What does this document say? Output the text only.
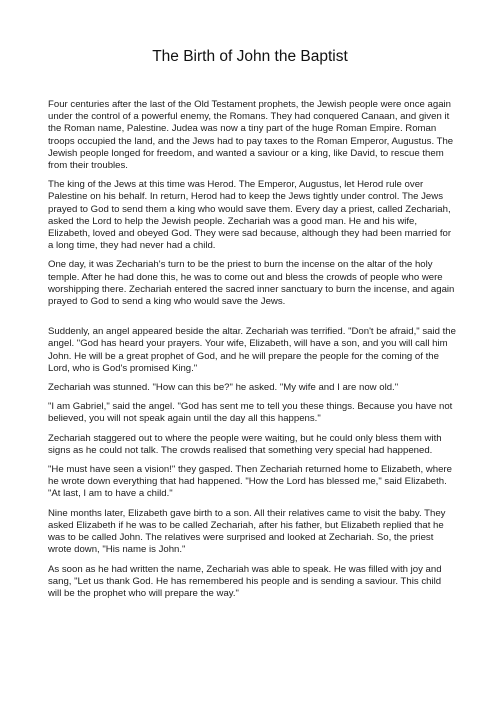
The Birth of John the Baptist

Four centuries after the last of the Old Testament prophets, the Jewish people were once again under the control of a powerful enemy, the Romans. They had conquered Canaan, and given it the Roman name, Palestine. Judea was now a tiny part of the huge Roman Empire. Roman troops occupied the land, and the Jews had to pay taxes to the Roman Emperor, Augustus. The Jewish people longed for freedom, and wanted a saviour or a king, like David, to rescue them from their troubles.

The king of the Jews at this time was Herod. The Emperor, Augustus, let Herod rule over Palestine on his behalf. In return, Herod had to keep the Jews tightly under control. The Jews prayed to God to send them a king who would save them. Every day a priest, called Zechariah, asked the Lord to help the Jewish people. Zechariah was a good man. He and his wife, Elizabeth, loved and obeyed God. They were sad because, although they had been married for a long time, they had never had a child.

One day, it was Zechariah's turn to be the priest to burn the incense on the altar of the holy temple. After he had done this, he was to come out and bless the crowds of people who were worshipping there. Zechariah entered the sacred inner sanctuary to burn the incense, and again prayed to God to send a king who would save the Jews.

Suddenly, an angel appeared beside the altar. Zechariah was terrified. "Don't be afraid," said the angel. "God has heard your prayers. Your wife, Elizabeth, will have a son, and you will call him John. He will be a great prophet of God, and he will prepare the people for the coming of the Lord, who is God's promised King."

Zechariah was stunned. "How can this be?" he asked. "My wife and I are now old."

"I am Gabriel," said the angel. "God has sent me to tell you these things. Because you have not believed, you will not speak again until the day all this happens."

Zechariah staggered out to where the people were waiting, but he could only bless them with signs as he could not talk. The crowds realised that something very special had happened.

"He must have seen a vision!" they gasped. Then Zechariah returned home to Elizabeth, where he wrote down everything that had happened. "How the Lord has blessed me," said Elizabeth. "At last, I am to have a child."

Nine months later, Elizabeth gave birth to a son. All their relatives came to visit the baby. They asked Elizabeth if he was to be called Zechariah, after his father, but Elizabeth replied that he was to be called John. The relatives were surprised and looked at Zechariah. So, the priest wrote down, "His name is John."

As soon as he had written the name, Zechariah was able to speak. He was filled with joy and sang, "Let us thank God. He has remembered his people and is sending a saviour. This child will be the prophet who will prepare the way."
